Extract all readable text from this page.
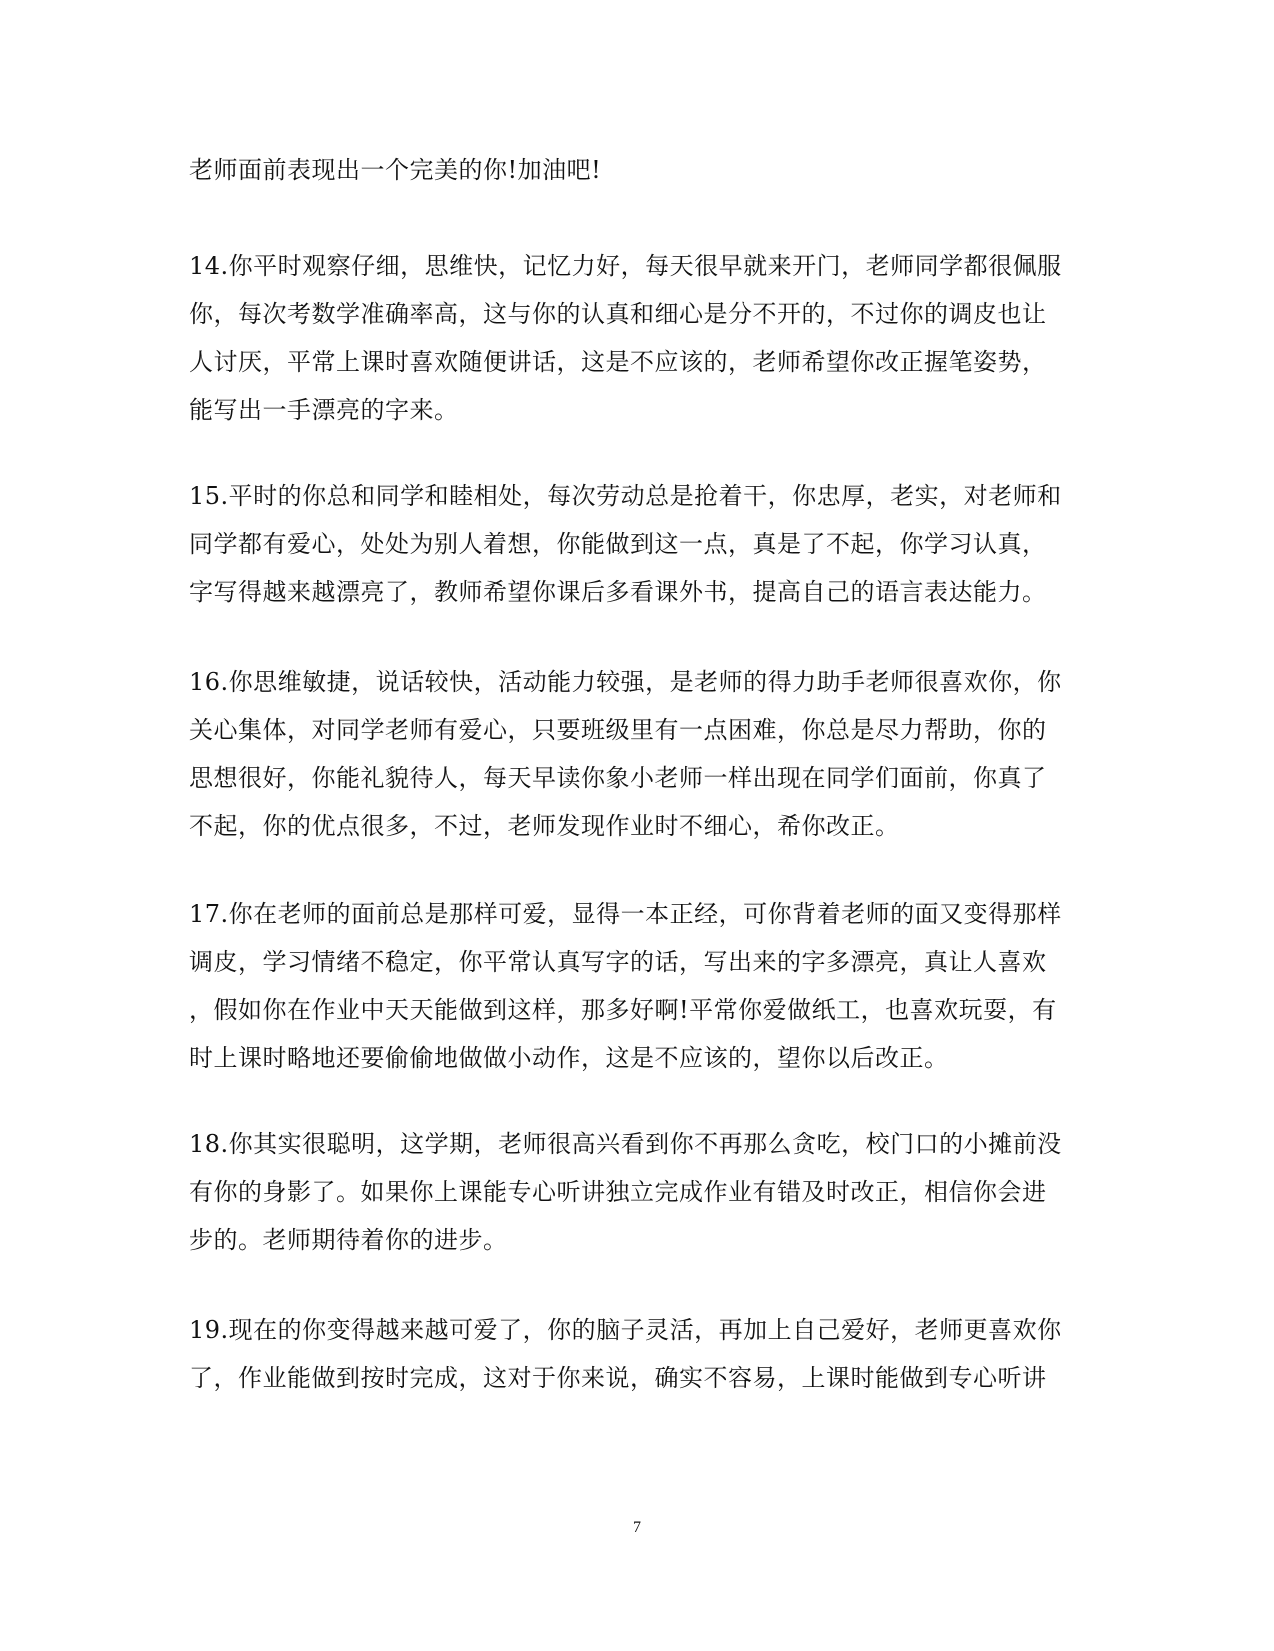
老师面前表现出一个完美的你!加油吧!

14.你平时观察仔细，思维快，记忆力好，每天很早就来开门，老师同学都很佩服
你，每次考数学准确率高，这与你的认真和细心是分不开的，不过你的调皮也让
人讨厌，平常上课时喜欢随便讲话，这是不应该的，老师希望你改正握笔姿势，
能写出一手漂亮的字来。

15.平时的你总和同学和睦相处，每次劳动总是抢着干，你忠厚，老实，对老师和
同学都有爱心，处处为别人着想，你能做到这一点，真是了不起，你学习认真，
字写得越来越漂亮了，教师希望你课后多看课外书，提高自己的语言表达能力。

16.你思维敏捷，说话较快，活动能力较强，是老师的得力助手老师很喜欢你，你
关心集体，对同学老师有爱心，只要班级里有一点困难，你总是尽力帮助，你的
思想很好，你能礼貌待人，每天早读你象小老师一样出现在同学们面前，你真了
不起，你的优点很多，不过，老师发现作业时不细心，希你改正。

17.你在老师的面前总是那样可爱，显得一本正经，可你背着老师的面又变得那样
调皮，学习情绪不稳定，你平常认真写字的话，写出来的字多漂亮，真让人喜欢
，假如你在作业中天天能做到这样，那多好啊!平常你爱做纸工，也喜欢玩耍，有
时上课时略地还要偷偷地做做小动作，这是不应该的，望你以后改正。

18.你其实很聪明，这学期，老师很高兴看到你不再那么贪吃，校门口的小摊前没
有你的身影了。如果你上课能专心听讲独立完成作业有错及时改正，相信你会进
步的。老师期待着你的进步。

19.现在的你变得越来越可爱了，你的脑子灵活，再加上自己爱好，老师更喜欢你
了，作业能做到按时完成，这对于你来说，确实不容易，上课时能做到专心听讲

7
